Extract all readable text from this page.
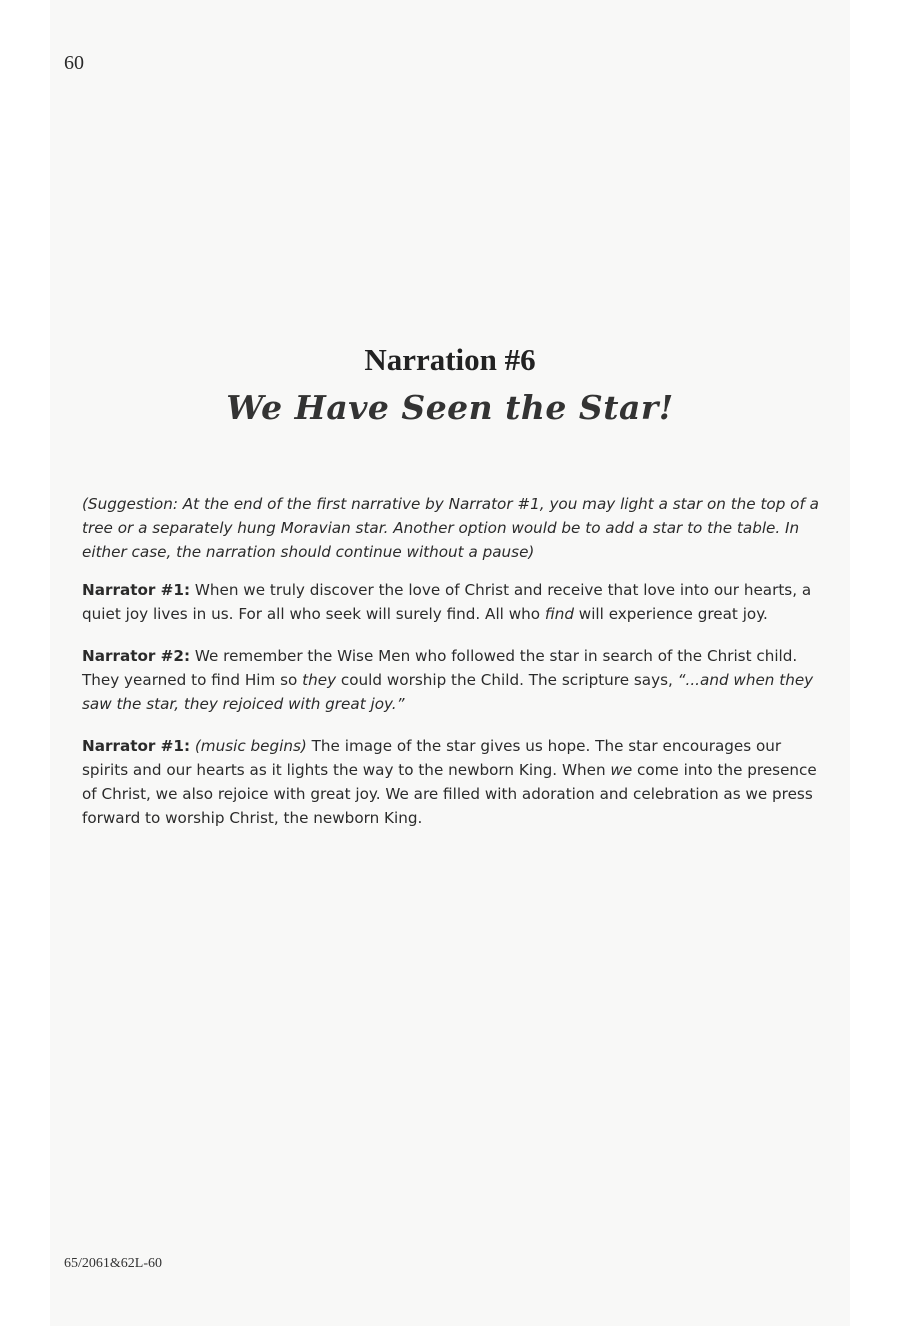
60

Narration #6
We Have Seen the Star!

(Suggestion: At the end of the first narrative by Narrator #1, you may light a star on the top of a tree or a separately hung Moravian star. Another option would be to add a star to the table. In either case, the narration should continue without a pause)

Narrator #1: When we truly discover the love of Christ and receive that love into our hearts, a quiet joy lives in us. For all who seek will surely find. All who find will experience great joy.

Narrator #2: We remember the Wise Men who followed the star in search of the Christ child. They yearned to find Him so they could worship the Child. The scripture says, “...and when they saw the star, they rejoiced with great joy.”

Narrator #1: (music begins) The image of the star gives us hope. The star encourages our spirits and our hearts as it lights the way to the newborn King. When we come into the presence of Christ, we also rejoice with great joy. We are filled with adoration and celebration as we press forward to worship Christ, the newborn King.

65/2061&62L-60
